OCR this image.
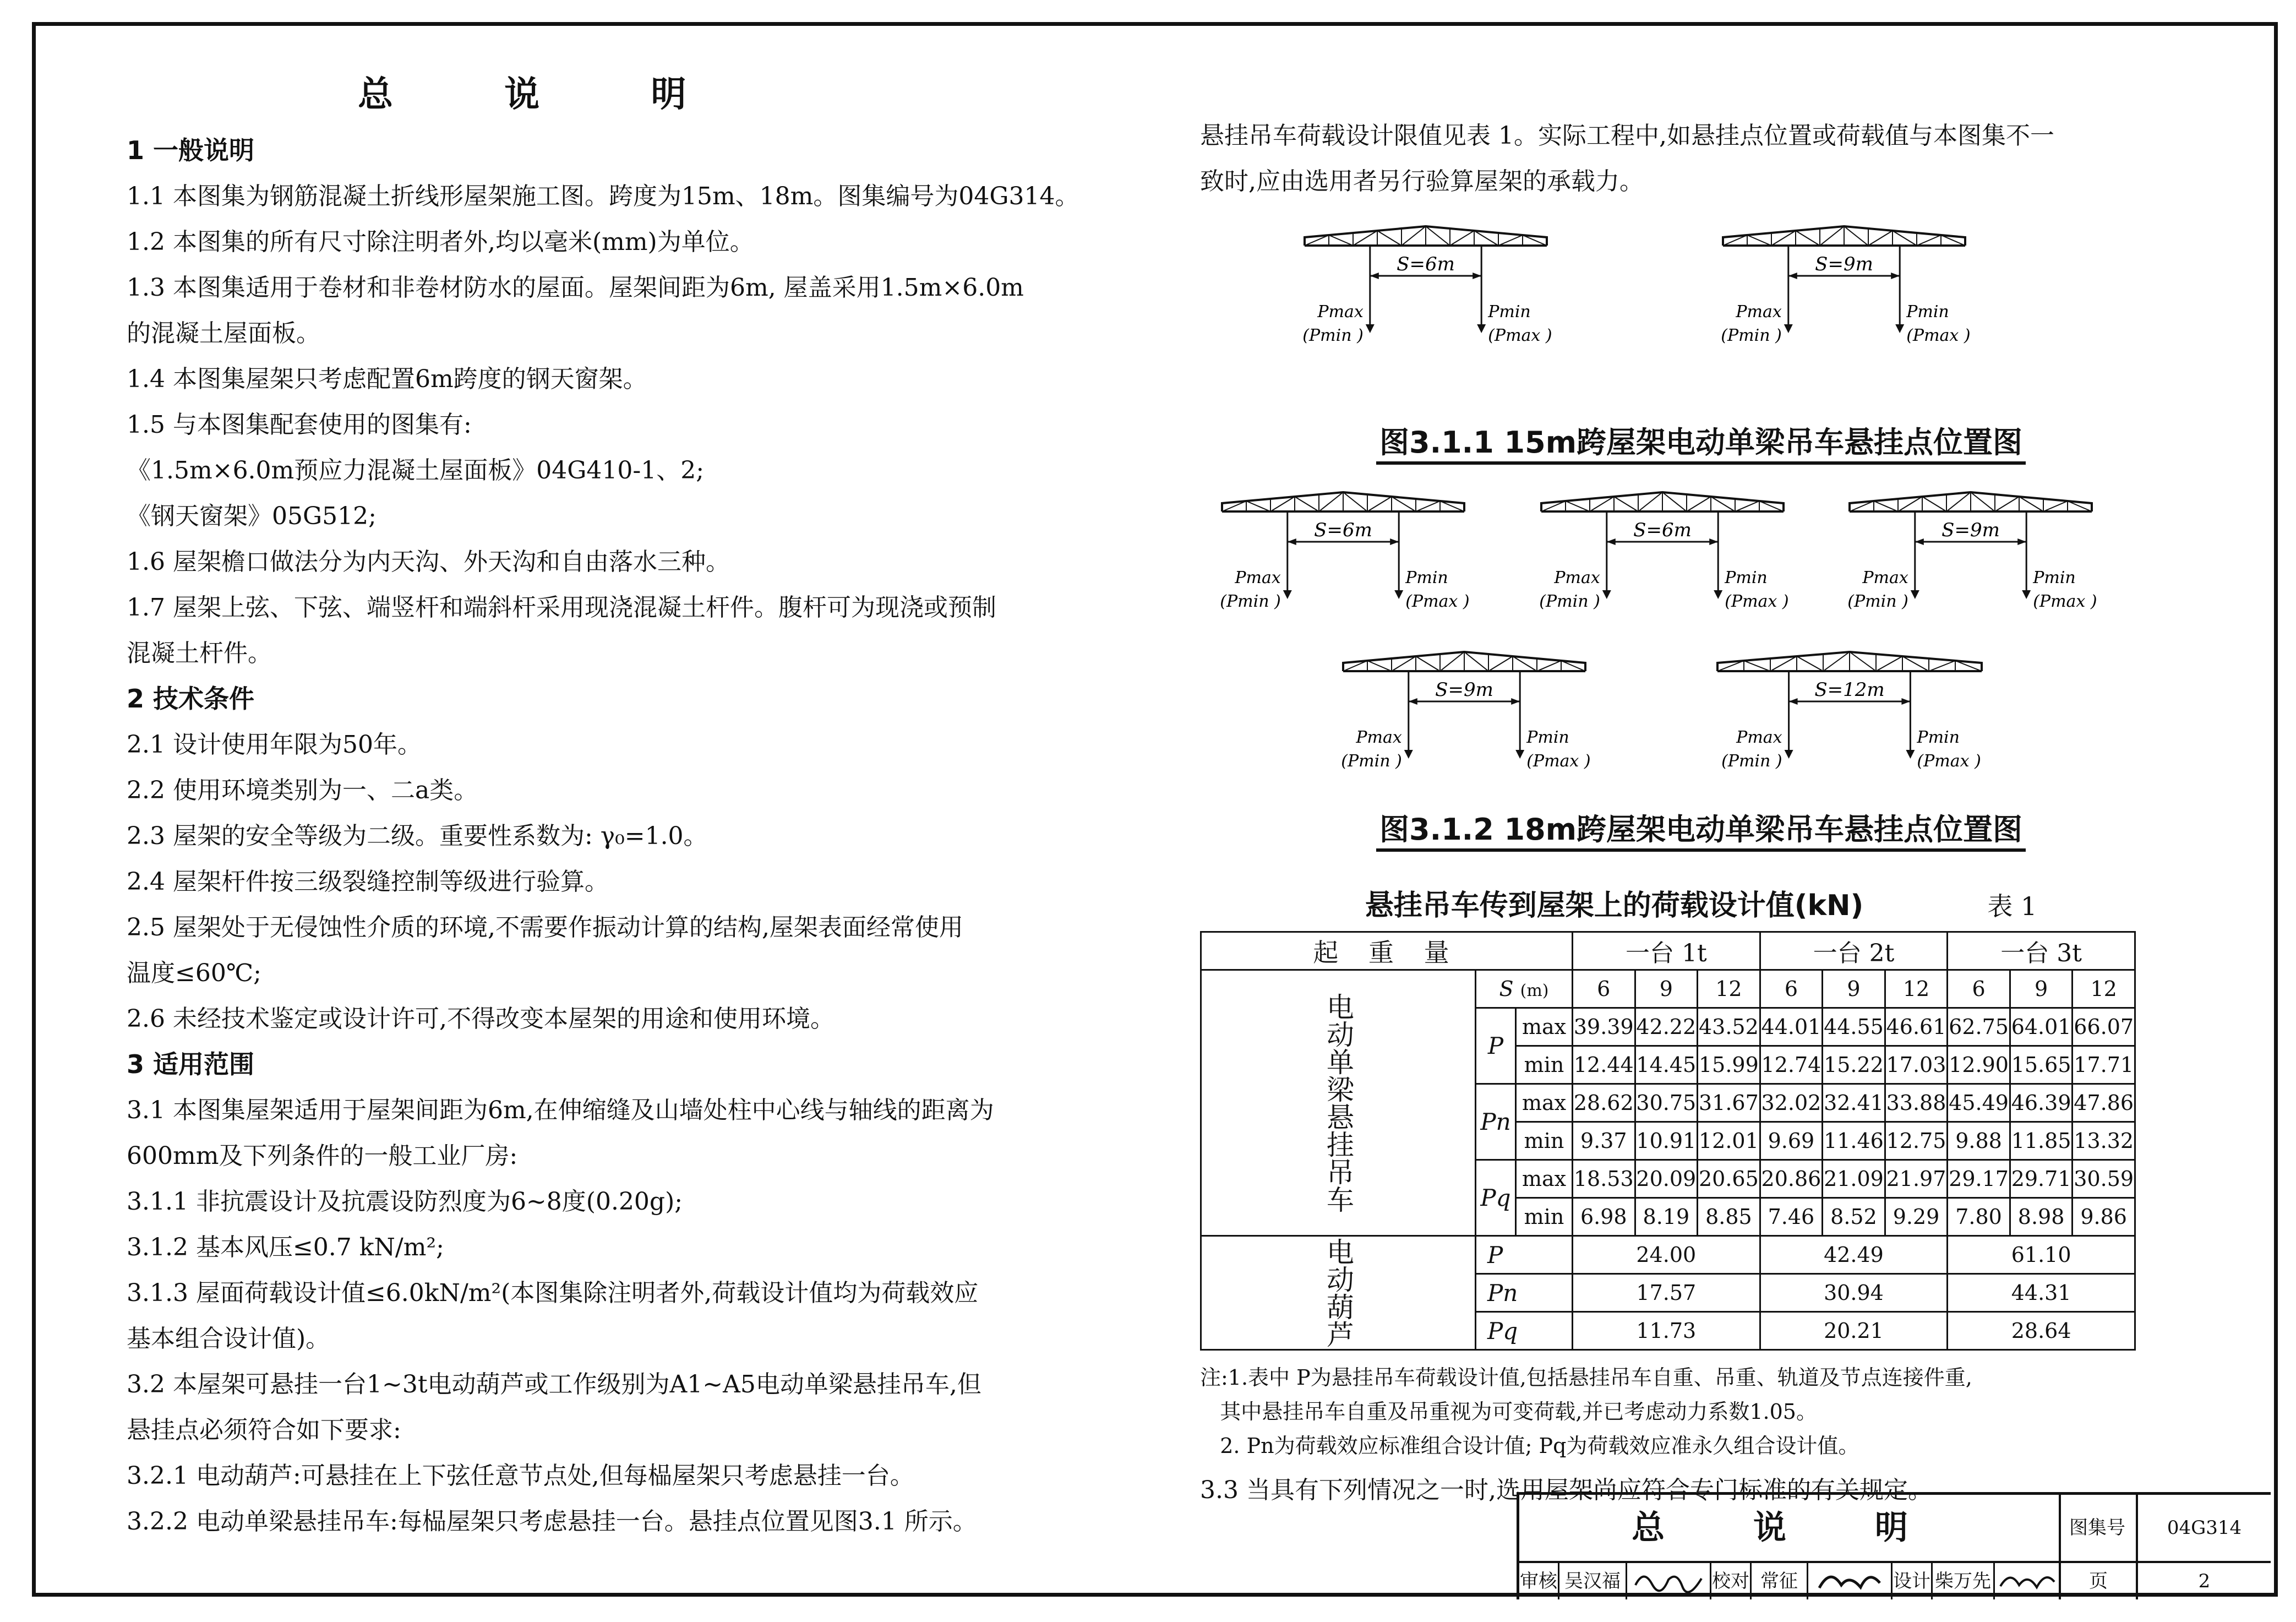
总 说 明
1 一般说明
1.1 本图集为钢筋混凝土折线形屋架施工图。跨度为15m、18m。图集编号为04G314。
1.2 本图集的所有尺寸除注明者外,均以毫米(mm)为单位。
1.3 本图集适用于卷材和非卷材防水的屋面。屋架间距为6m, 屋盖采用1.5m×6.0m
的混凝土屋面板。
1.4 本图集屋架只考虑配置6m跨度的钢天窗架。
1.5 与本图集配套使用的图集有:
《1.5m×6.0m预应力混凝土屋面板》04G410-1、2;
《钢天窗架》05G512;
1.6 屋架檐口做法分为内天沟、外天沟和自由落水三种。
1.7 屋架上弦、下弦、端竖杆和端斜杆采用现浇混凝土杆件。腹杆可为现浇或预制
混凝土杆件。
2 技术条件
2.1 设计使用年限为50年。
2.2 使用环境类别为一、二a类。
2.3 屋架的安全等级为二级。重要性系数为: γ₀=1.0。
2.4 屋架杆件按三级裂缝控制等级进行验算。
2.5 屋架处于无侵蚀性介质的环境,不需要作振动计算的结构,屋架表面经常使用
温度≤60℃;
2.6 未经技术鉴定或设计许可,不得改变本屋架的用途和使用环境。
3 适用范围
3.1 本图集屋架适用于屋架间距为6m,在伸缩缝及山墙处柱中心线与轴线的距离为
600mm及下列条件的一般工业厂房:
3.1.1 非抗震设计及抗震设防烈度为6~8度(0.20g);
3.1.2 基本风压≤0.7 kN/m²;
3.1.3 屋面荷载设计值≤6.0kN/m²(本图集除注明者外,荷载设计值均为荷载效应
基本组合设计值)。
3.2 本屋架可悬挂一台1~3t电动葫芦或工作级别为A1~A5电动单梁悬挂吊车,但
悬挂点必须符合如下要求:
3.2.1 电动葫芦:可悬挂在上下弦任意节点处,但每榀屋架只考虑悬挂一台。
3.2.2 电动单梁悬挂吊车:每榀屋架只考虑悬挂一台。悬挂点位置见图3.1 所示。
悬挂吊车荷载设计限值见表 1。实际工程中,如悬挂点位置或荷载值与本图集不一
致时,应由选用者另行验算屋架的承载力。
S=6m
Pmax
(Pmin )
Pmin
(Pmax )
S=9m
Pmax
(Pmin )
Pmin
(Pmax )
图3.1.1 15m跨屋架电动单梁吊车悬挂点位置图
S=6m
Pmax
(Pmin )
Pmin
(Pmax )
S=6m
Pmax
(Pmin )
Pmin
(Pmax )
S=9m
Pmax
(Pmin )
Pmin
(Pmax )
S=9m
Pmax
(Pmin )
Pmin
(Pmax )
S=12m
Pmax
(Pmin )
Pmin
(Pmax )
图3.1.2 18m跨屋架电动单梁吊车悬挂点位置图
悬挂吊车传到屋架上的荷载设计值(kN)	表 1
起 重 量			一台 1t			一台 2t			一台 3t		
电动单梁悬挂吊车	S (m)		6	9	12	6	9	12	6	9	12
	P	max	39.39	42.22	43.52	44.01	44.55	46.61	62.75	64.01	66.07
		min	12.44	14.45	15.99	12.74	15.22	17.03	12.90	15.65	17.71
	Pn	max	28.62	30.75	31.67	32.02	32.41	33.88	45.49	46.39	47.86
		min	9.37	10.91	12.01	9.69	11.46	12.75	9.88	11.85	13.32
	Pq	max	18.53	20.09	20.65	20.86	21.09	21.97	29.17	29.71	30.59
		min	6.98	8.19	8.85	7.46	8.52	9.29	7.80	8.98	9.86
电动葫芦	P		24.00			42.49			61.10		
	Pn		17.57			30.94			44.31		
	Pq		11.73			20.21			28.64		
注:1.表中 P为悬挂吊车荷载设计值,包括悬挂吊车自重、吊重、轨道及节点连接件重,
其中悬挂吊车自重及吊重视为可变荷载,并已考虑动力系数1.05。
2. Pn为荷载效应标准组合设计值; Pq为荷载效应准永久组合设计值。
3.3 当具有下列情况之一时,选用屋架尚应符合专门标准的有关规定。
总 说 明	图集号	04G314
审核 吴汉福	校对 常征	设计 柴万先	页	2
